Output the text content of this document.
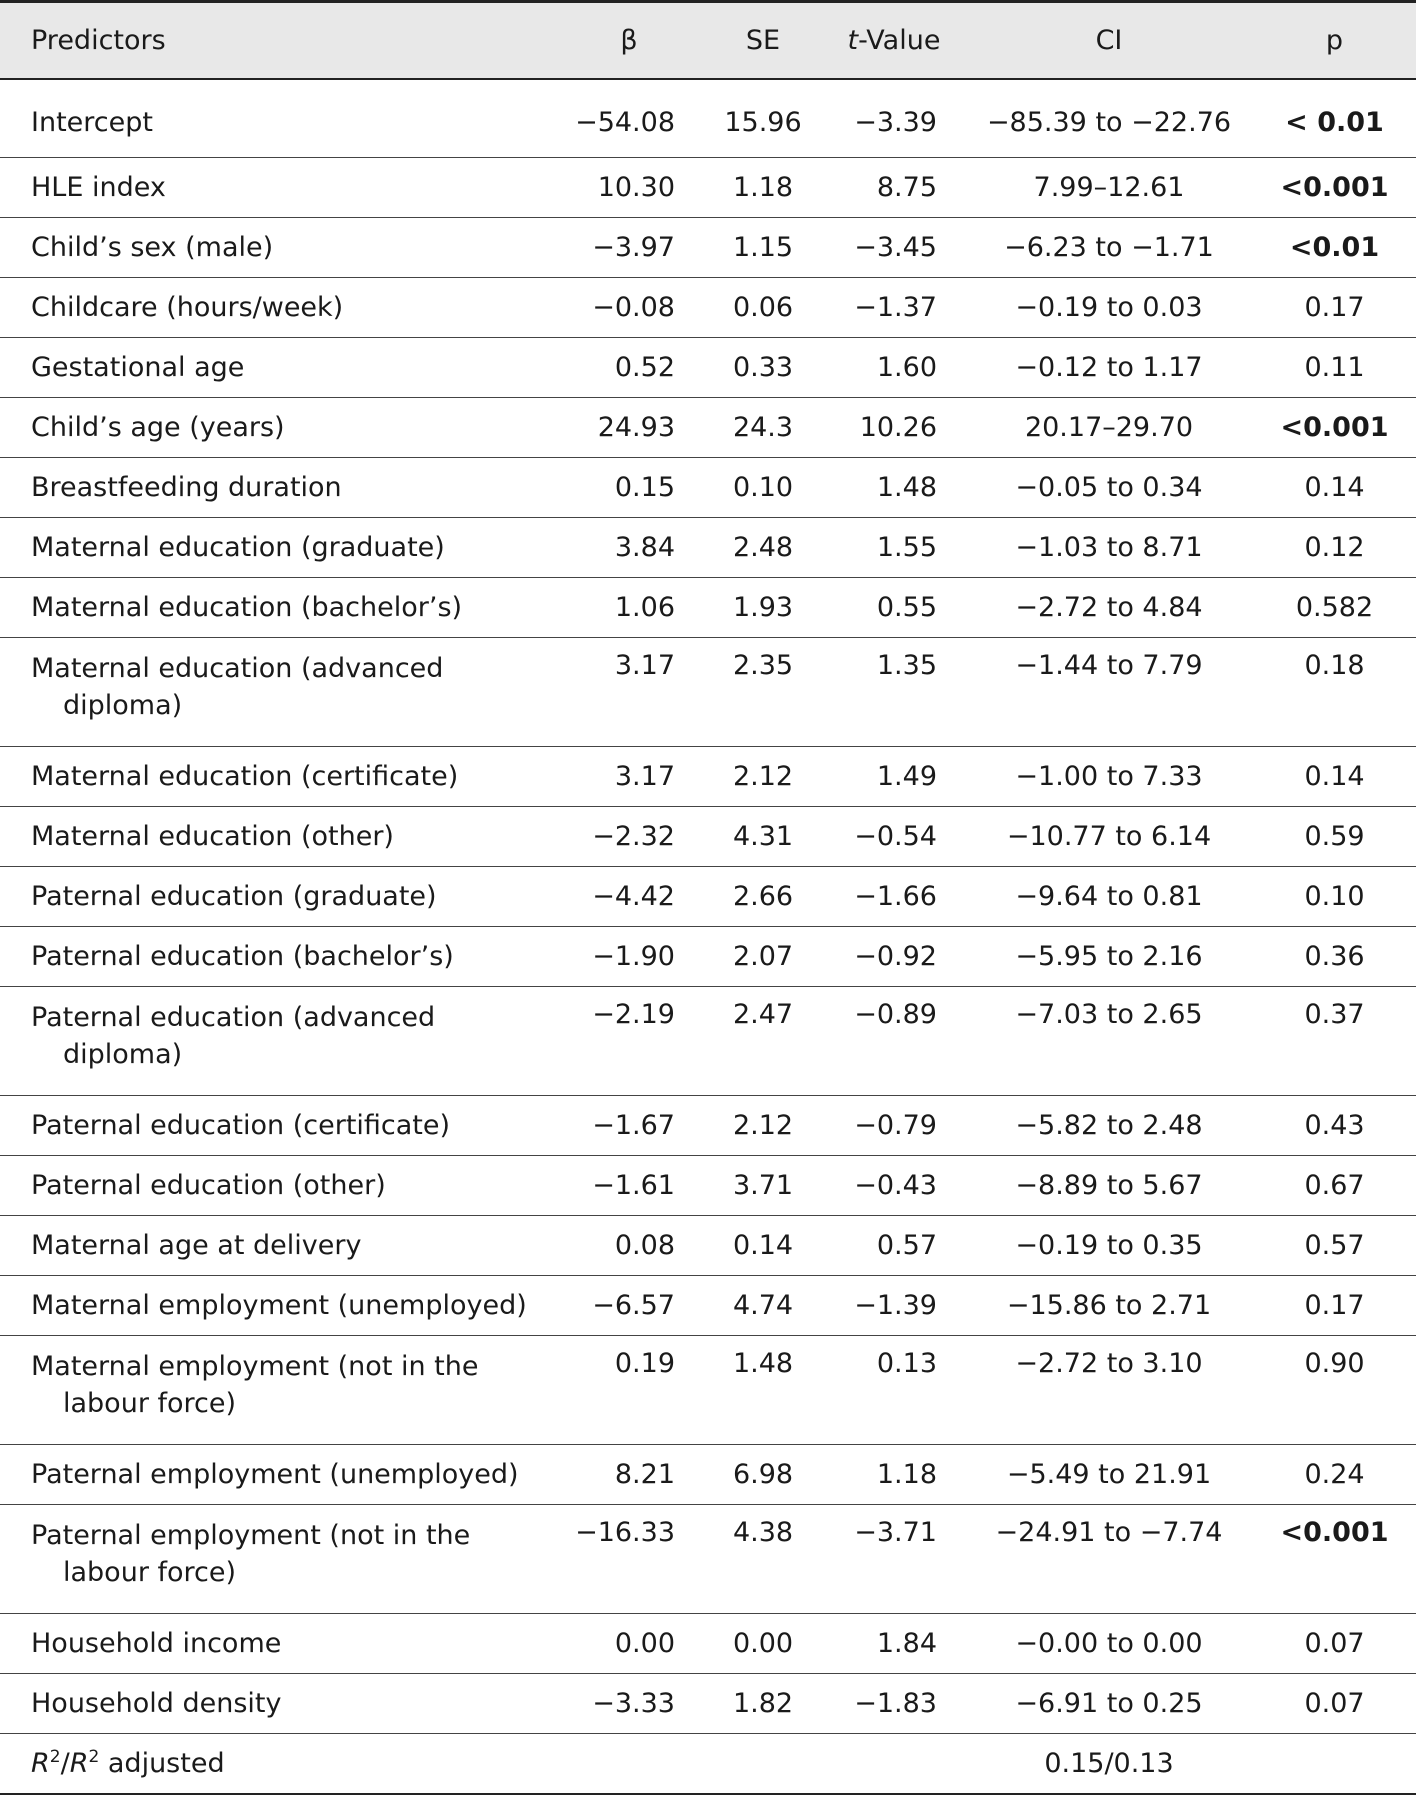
Predictors	β	SE	t-Value	CI	p
Intercept	−54.08	15.96	−3.39	−85.39 to −22.76	< 0.01
HLE index	10.30	1.18	8.75	7.99–12.61	<0.001
Child’s sex (male)	−3.97	1.15	−3.45	−6.23 to −1.71	<0.01
Childcare (hours/week)	−0.08	0.06	−1.37	−0.19 to 0.03	0.17
Gestational age	0.52	0.33	1.60	−0.12 to 1.17	0.11
Child’s age (years)	24.93	24.3	10.26	20.17–29.70	<0.001
Breastfeeding duration	0.15	0.10	1.48	−0.05 to 0.34	0.14
Maternal education (graduate)	3.84	2.48	1.55	−1.03 to 8.71	0.12
Maternal education (bachelor’s)	1.06	1.93	0.55	−2.72 to 4.84	0.582
Maternal education (advanced
diploma)	3.17	2.35	1.35	−1.44 to 7.79	0.18
Maternal education (certificate)	3.17	2.12	1.49	−1.00 to 7.33	0.14
Maternal education (other)	−2.32	4.31	−0.54	−10.77 to 6.14	0.59
Paternal education (graduate)	−4.42	2.66	−1.66	−9.64 to 0.81	0.10
Paternal education (bachelor’s)	−1.90	2.07	−0.92	−5.95 to 2.16	0.36
Paternal education (advanced
diploma)	−2.19	2.47	−0.89	−7.03 to 2.65	0.37
Paternal education (certificate)	−1.67	2.12	−0.79	−5.82 to 2.48	0.43
Paternal education (other)	−1.61	3.71	−0.43	−8.89 to 5.67	0.67
Maternal age at delivery	0.08	0.14	0.57	−0.19 to 0.35	0.57
Maternal employment (unemployed)	−6.57	4.74	−1.39	−15.86 to 2.71	0.17
Maternal employment (not in the
labour force)	0.19	1.48	0.13	−2.72 to 3.10	0.90
Paternal employment (unemployed)	8.21	6.98	1.18	−5.49 to 21.91	0.24
Paternal employment (not in the
labour force)	−16.33	4.38	−3.71	−24.91 to −7.74	<0.001
Household income	0.00	0.00	1.84	−0.00 to 0.00	0.07
Household density	−3.33	1.82	−1.83	−6.91 to 0.25	0.07
$R^2/R^2$ adjusted				0.15/0.13	
